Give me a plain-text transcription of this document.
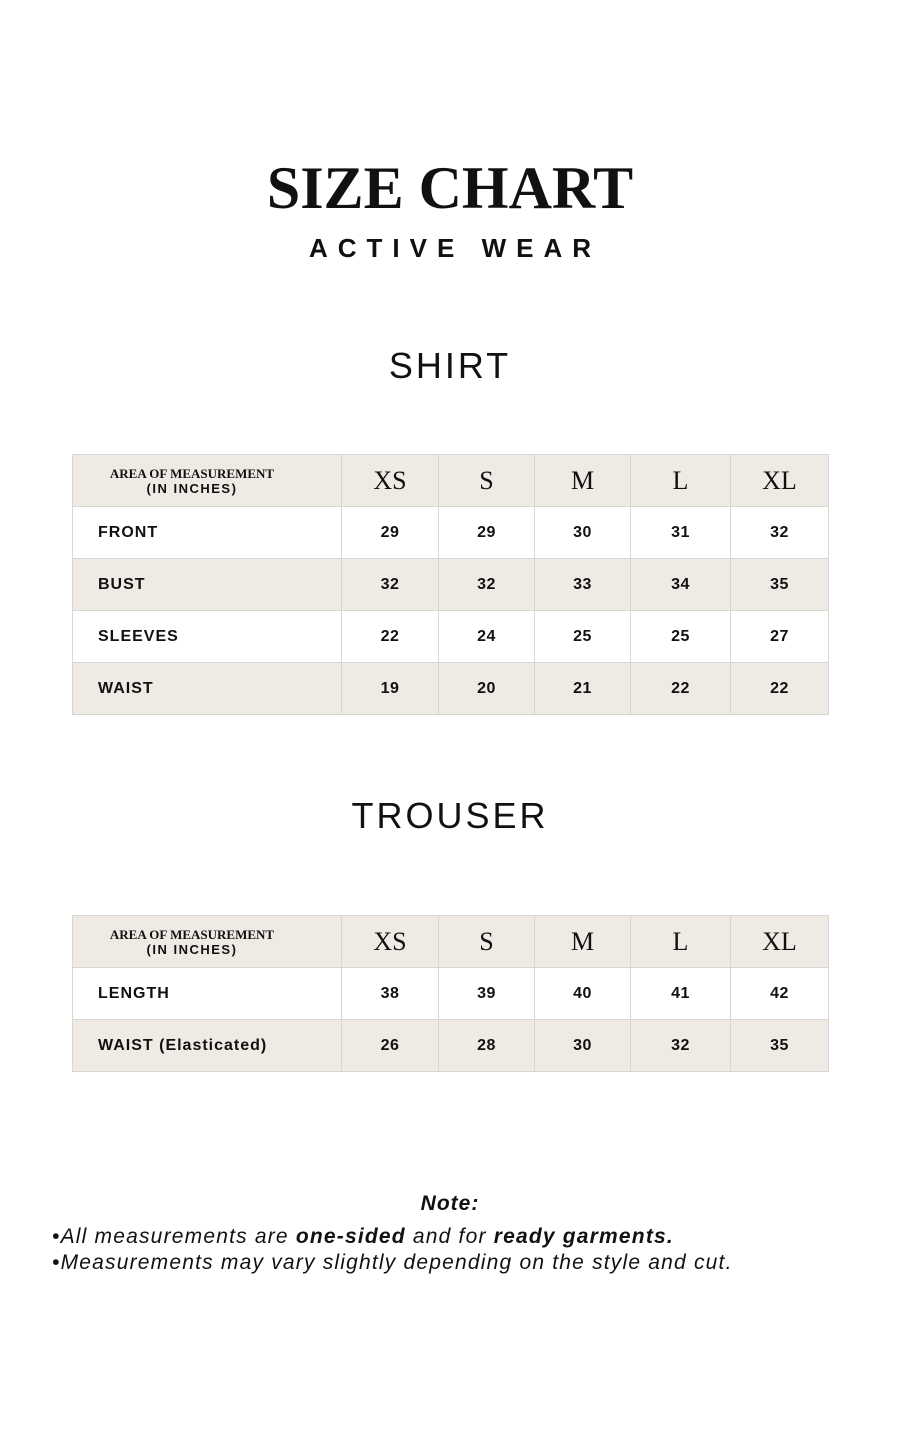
SIZE CHART
ACTIVE WEAR
SHIRT
AREA OF MEASUREMENT
(IN INCHES)	XS	S	M	L	XL
FRONT	29	29	30	31	32
BUST	32	32	33	34	35
SLEEVES	22	24	25	25	27
WAIST	19	20	21	22	22
TROUSER
AREA OF MEASUREMENT
(IN INCHES)	XS	S	M	L	XL
LENGTH	38	39	40	41	42
WAIST (Elasticated)	26	28	30	32	35
Note:
•All measurements are one-sided and for ready garments.
•Measurements may vary slightly depending on the style and cut.
